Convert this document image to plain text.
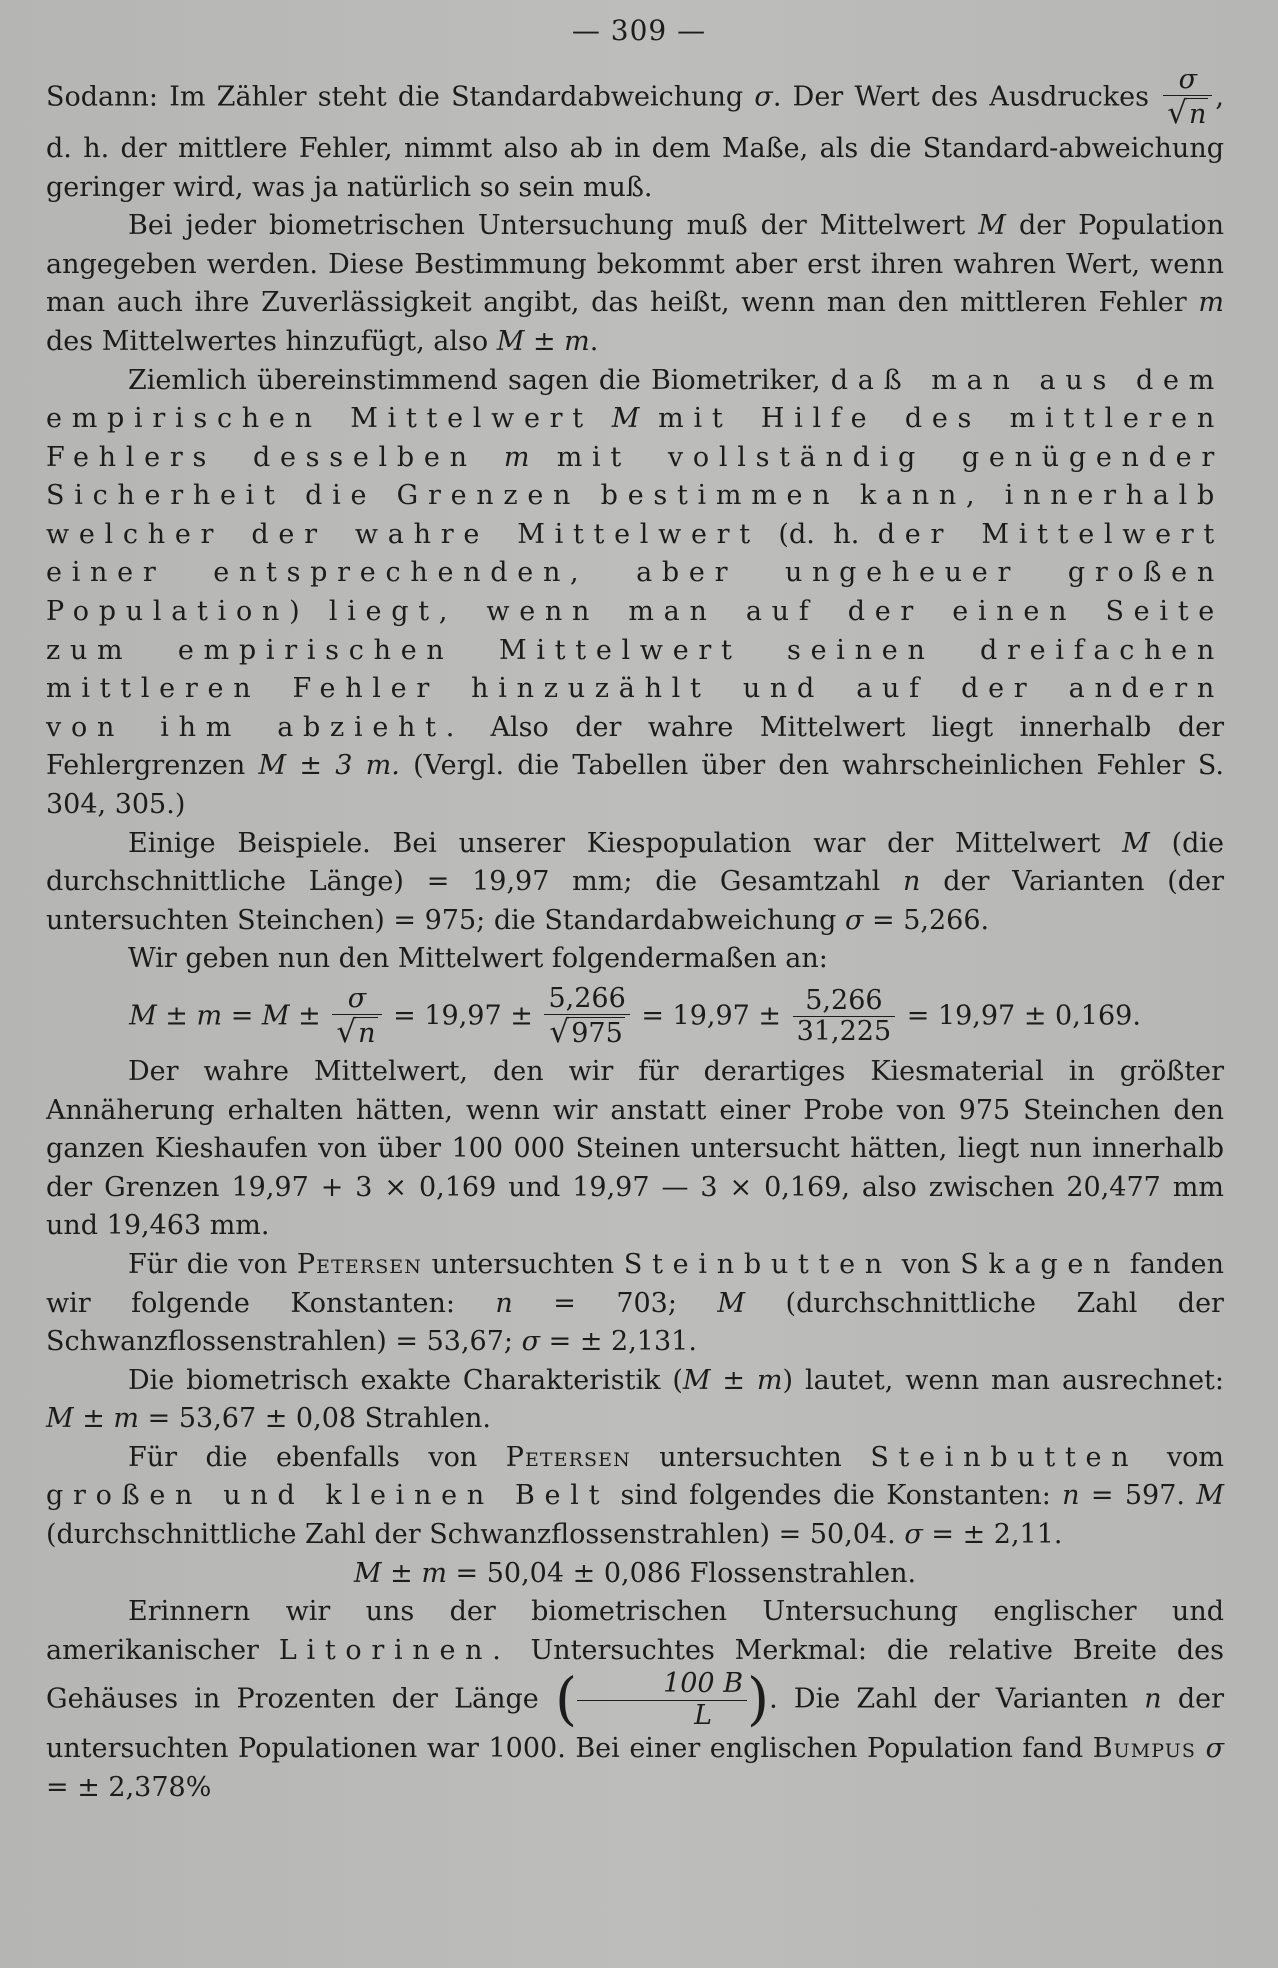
— 309 —

Sodann: Im Zähler steht die Standardabweichung σ. Der Wert des Ausdruckes $\frac{\sigma}{√n}$ , d. h. der mittlere Fehler, nimmt also ab in dem Maße, als die Standard-abweichung geringer wird, was ja natürlich so sein muß.

Bei jeder biometrischen Untersuchung muß der Mittelwert M der Population angegeben werden. Diese Bestimmung bekommt aber erst ihren wahren Wert, wenn man auch ihre Zuverlässigkeit angibt, das heißt, wenn man den mittleren Fehler m des Mittelwertes hinzufügt, also M ± m.

Ziemlich übereinstimmend sagen die Biometriker, daß man aus dem empirischen Mittelwert M mit Hilfe des mittleren Fehlers desselben m mit vollständig genügender Sicherheit die Grenzen bestimmen kann, innerhalb welcher der wahre Mittelwert (d. h. der Mittelwert einer entsprechenden, aber ungeheuer großen Population) liegt, wenn man auf der einen Seite zum empirischen Mittelwert seinen dreifachen mittleren Fehler hinzuzählt und auf der andern von ihm abzieht. Also der wahre Mittelwert liegt innerhalb der Fehlergrenzen M ± 3 m. (Vergl. die Tabellen über den wahrscheinlichen Fehler S. 304, 305.)

Einige Beispiele. Bei unserer Kiespopulation war der Mittelwert M (die durchschnittliche Länge) = 19,97 mm; die Gesamtzahl n der Varianten (der untersuchten Steinchen) = 975; die Standardabweichung σ = 5,266.

Wir geben nun den Mittelwert folgendermaßen an:

$M \pm m = M \pm \frac{\sigma}{√n} = 19,97 \pm \frac{5,266}{√975} = 19,97 \pm \frac{5,266}{31,225} = 19,97 \pm 0,169$.

Der wahre Mittelwert, den wir für derartiges Kiesmaterial in größter Annäherung erhalten hätten, wenn wir anstatt einer Probe von 975 Steinchen den ganzen Kieshaufen von über 100 000 Steinen untersucht hätten, liegt nun innerhalb der Grenzen 19,97 + 3 × 0,169 und 19,97 — 3 × 0,169, also zwischen 20,477 mm und 19,463 mm.

Für die von Petersen untersuchten Steinbutten von Skagen fanden wir folgende Konstanten: n = 703; M (durchschnittliche Zahl der Schwanzflossenstrahlen) = 53,67; σ = ± 2,131.

Die biometrisch exakte Charakteristik (M ± m) lautet, wenn man ausrechnet: M ± m = 53,67 ± 0,08 Strahlen.

Für die ebenfalls von Petersen untersuchten Steinbutten vom großen und kleinen Belt sind folgendes die Konstanten: n = 597. M (durchschnittliche Zahl der Schwanzflossenstrahlen) = 50,04. σ = ± 2,11.

M ± m = 50,04 ± 0,086 Flossenstrahlen.

Erinnern wir uns der biometrischen Untersuchung englischer und amerikanischer Litorinen. Untersuchtes Merkmal: die relative Breite des Gehäuses in Prozenten der Länge ( $\frac{100 B}{L}$ ). Die Zahl der Varianten n der untersuchten Populationen war 1000. Bei einer englischen Population fand Bumpus σ = ± 2,378%
